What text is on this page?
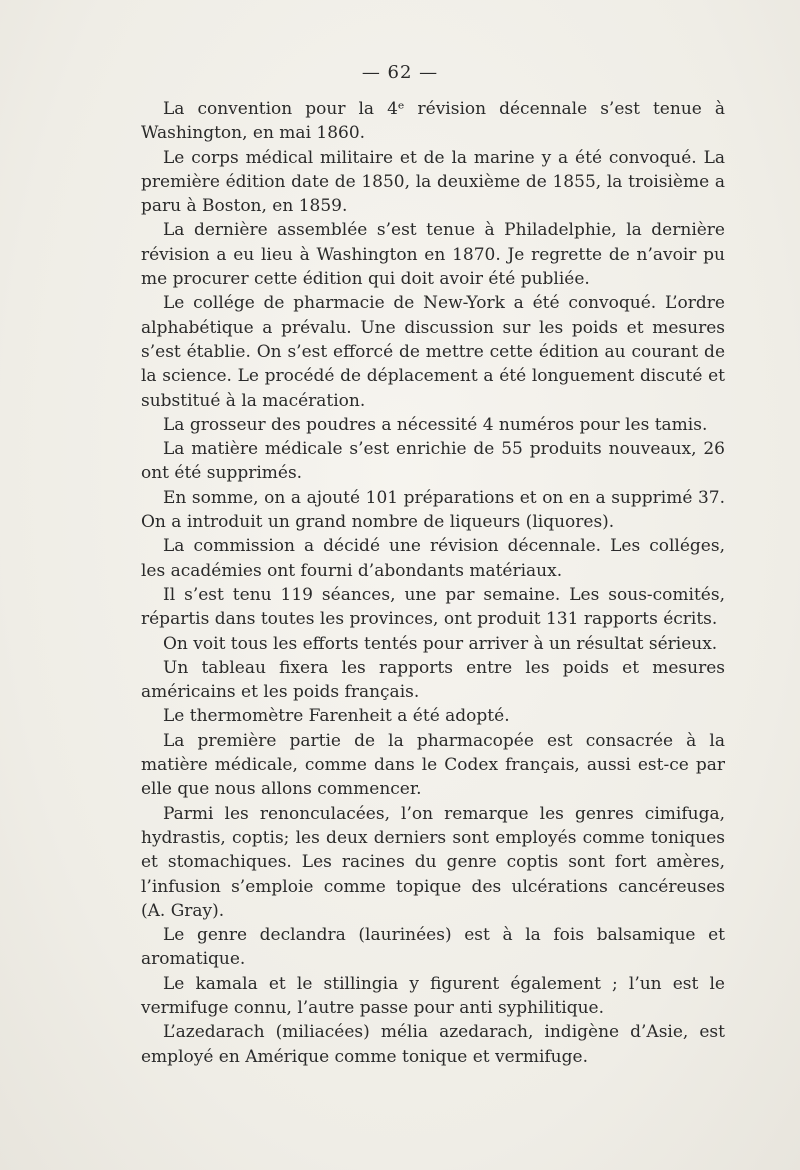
— 62 —

La convention pour la 4ᵉ révision décennale s’est tenue à Washington, en mai 1860.

Le corps médical militaire et de la marine y a été convoqué. La première édition date de 1850, la deuxième de 1855, la troisième a paru à Boston, en 1859.

La dernière assemblée s’est tenue à Philadelphie, la dernière révision a eu lieu à Washington en 1870. Je regrette de n’avoir pu me procurer cette édition qui doit avoir été publiée.

Le collége de pharmacie de New-York a été convoqué. L’ordre alphabétique a prévalu. Une discussion sur les poids et mesures s’est établie. On s’est efforcé de mettre cette édition au courant de la science. Le procédé de déplacement a été longuement discuté et substitué à la macération.

La grosseur des poudres a nécessité 4 numéros pour les tamis.

La matière médicale s’est enrichie de 55 produits nouveaux, 26 ont été supprimés.

En somme, on a ajouté 101 préparations et on en a supprimé 37. On a introduit un grand nombre de liqueurs (liquores).

La commission a décidé une révision décennale. Les colléges, les académies ont fourni d’abondants matériaux.

Il s’est tenu 119 séances, une par semaine. Les sous-comités, répartis dans toutes les provinces, ont produit 131 rapports écrits.

On voit tous les efforts tentés pour arriver à un résultat sérieux.

Un tableau fixera les rapports entre les poids et mesures américains et les poids français.

Le thermomètre Farenheit a été adopté.

La première partie de la pharmacopée est consacrée à la matière médicale, comme dans le Codex français, aussi est-ce par elle que nous allons commencer.

Parmi les renonculacées, l’on remarque les genres cimifuga, hydrastis, coptis; les deux derniers sont employés comme toniques et stomachiques. Les racines du genre coptis sont fort amères, l’infusion s’emploie comme topique des ulcérations cancéreuses (A. Gray).

Le genre declandra (laurinées) est à la fois balsamique et aromatique.

Le kamala et le stillingia y figurent également ; l’un est le vermifuge connu, l’autre passe pour anti syphilitique.

L’azedarach (miliacées) mélia azedarach, indigène d’Asie, est employé en Amérique comme tonique et vermifuge.
